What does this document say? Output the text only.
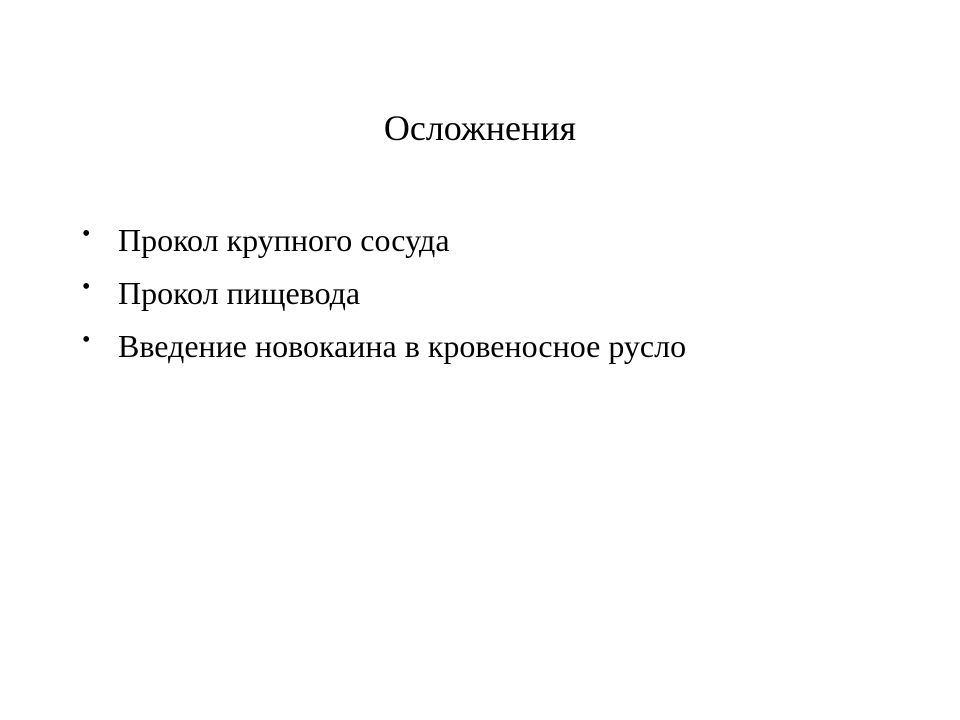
Осложнения
• Прокол крупного сосуда
• Прокол пищевода
• Введение новокаина в кровеносное русло
